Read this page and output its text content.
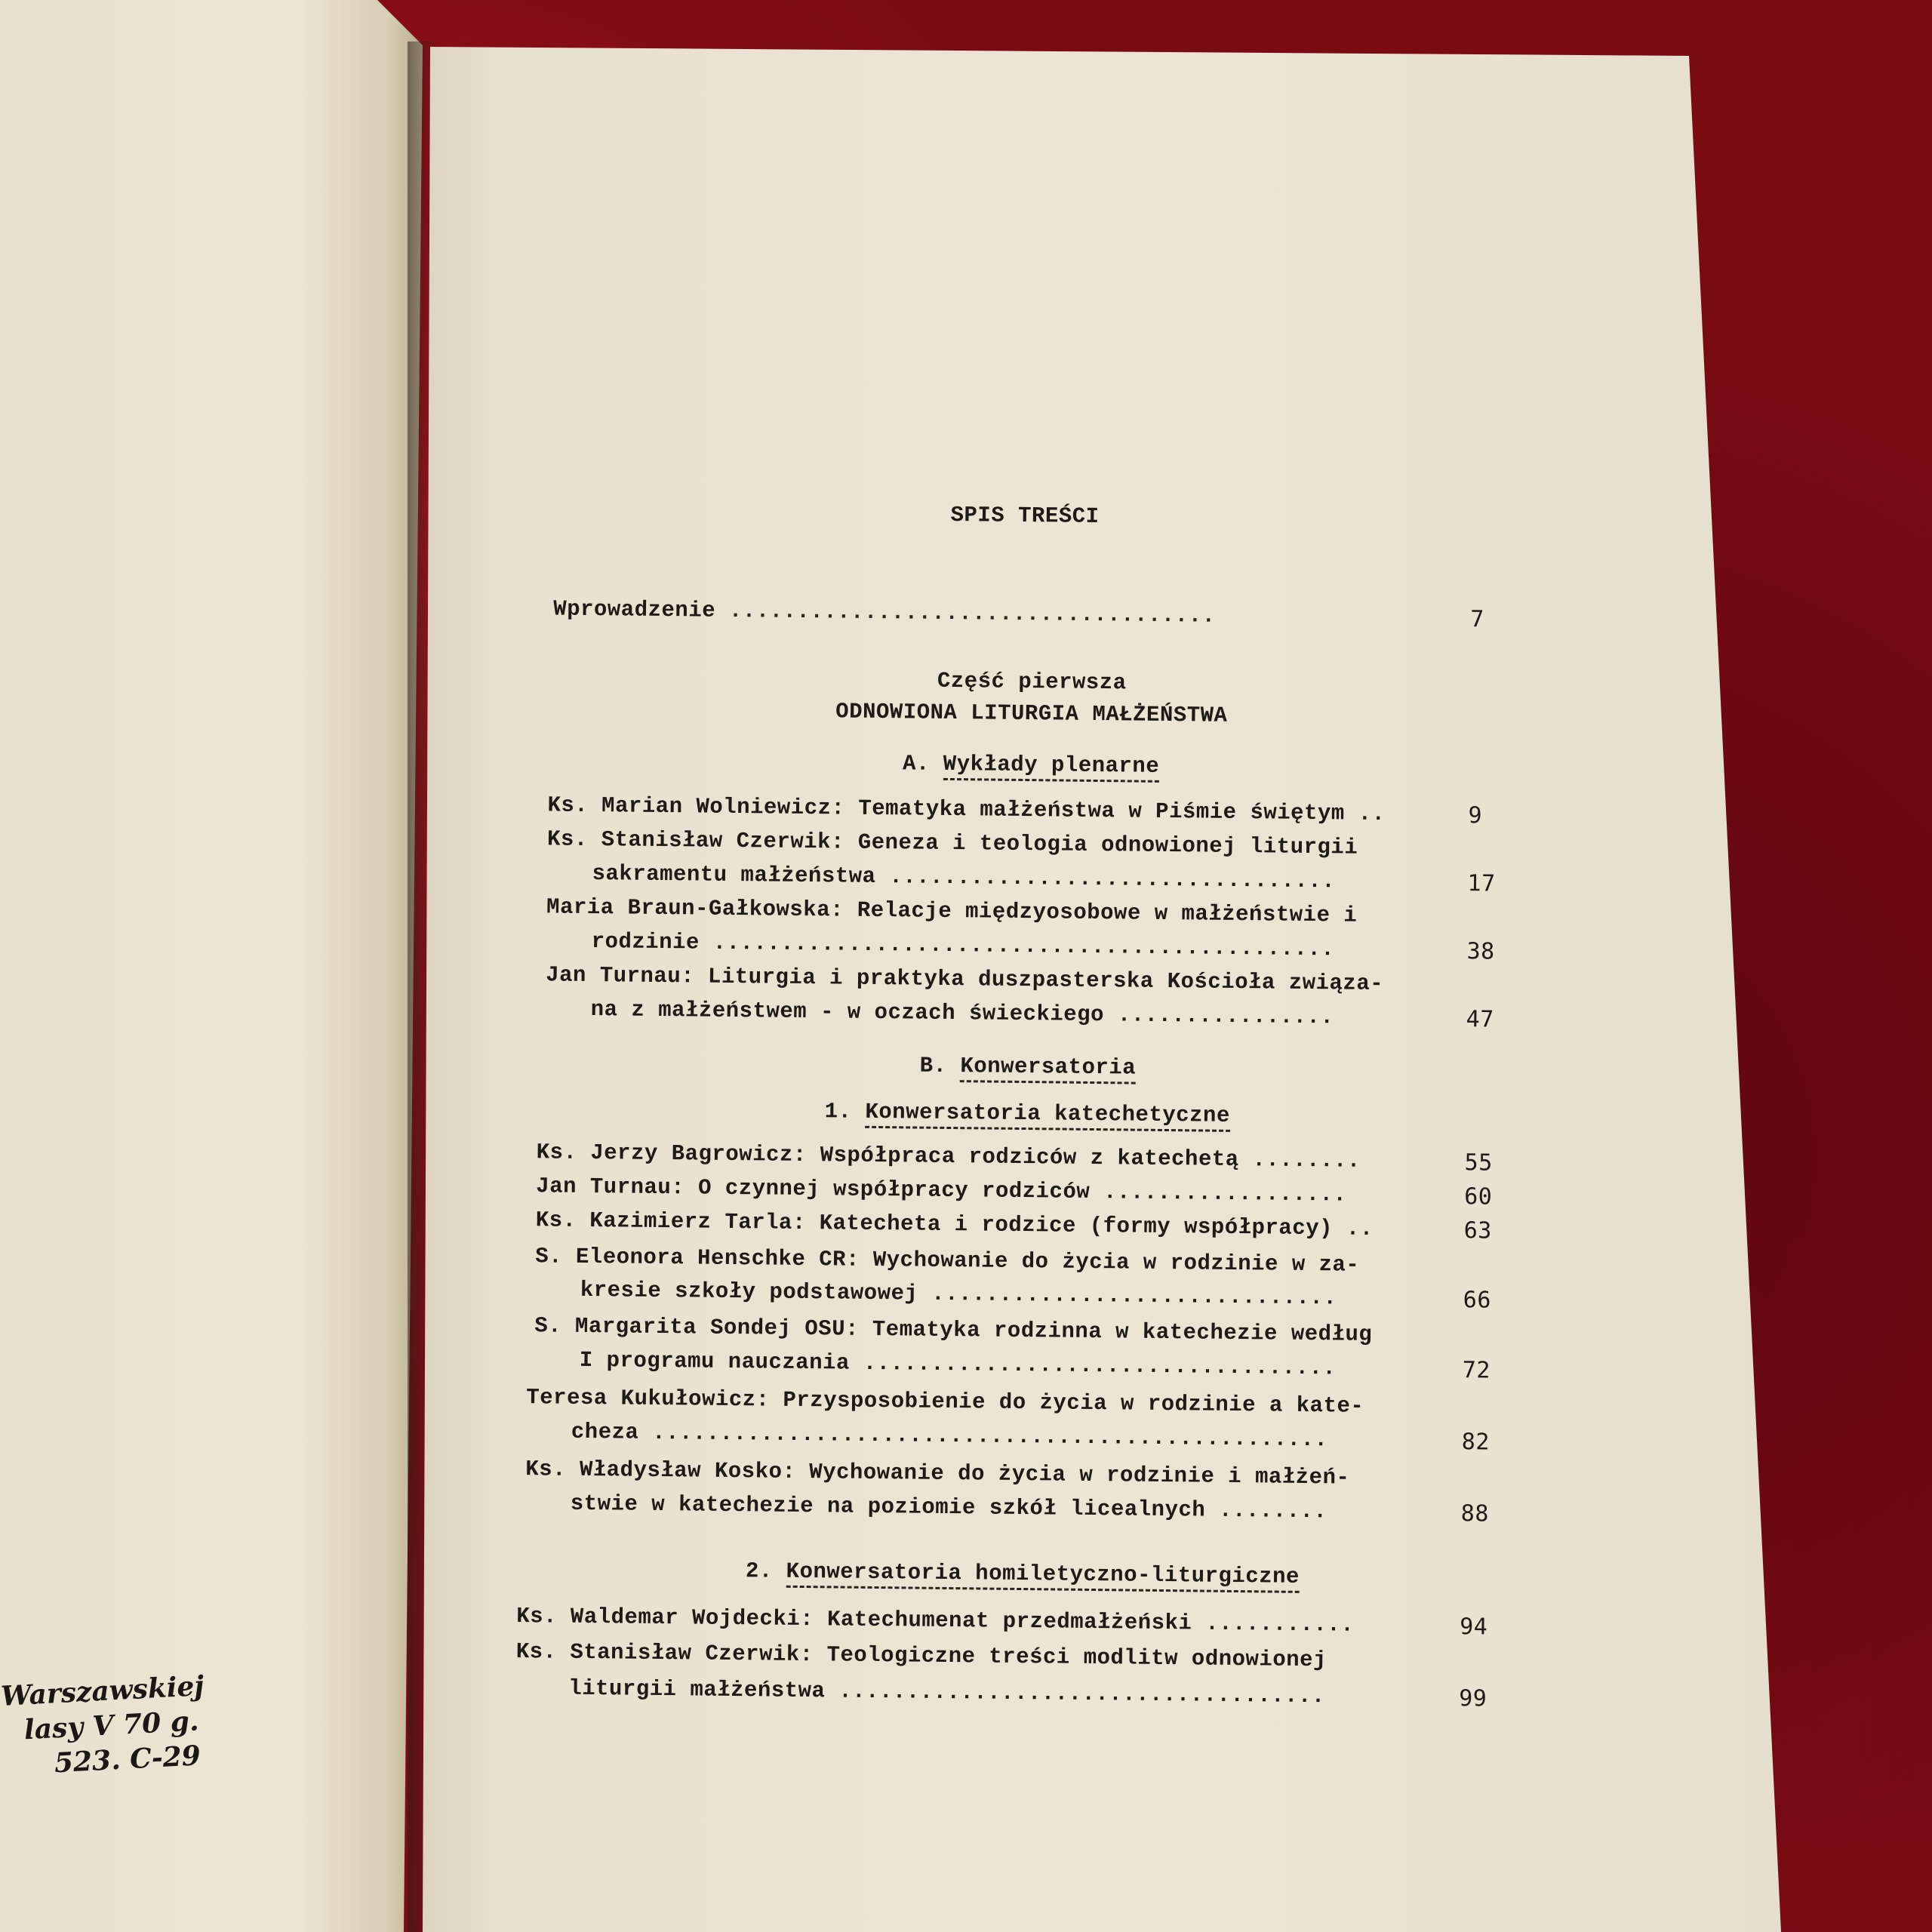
Warszawskiej
lasy V 70 g.
523. C-29
SPIS TREŚCI
Wprowadzenie ....................................	7
Część pierwsza
ODNOWIONA LITURGIA MAŁŻEŃSTWA
A. Wykłady plenarne
Ks. Marian Wolniewicz: Tematyka małżeństwa w Piśmie świętym ..	9
Ks. Stanisław Czerwik: Geneza i teologia odnowionej liturgii
sakramentu małżeństwa .................................	17
Maria Braun-Gałkowska: Relacje międzyosobowe w małżeństwie i
rodzinie ..............................................	38
Jan Turnau: Liturgia i praktyka duszpasterska Kościoła związa-
na z małżeństwem - w oczach świeckiego ................	47
B. Konwersatoria
1. Konwersatoria katechetyczne
Ks. Jerzy Bagrowicz: Współpraca rodziców z katechetą ........	55
Jan Turnau: O czynnej współpracy rodziców ..................	60
Ks. Kazimierz Tarla: Katecheta i rodzice (formy współpracy) ..	63
S. Eleonora Henschke CR: Wychowanie do życia w rodzinie w za-
kresie szkoły podstawowej ..............................	66
S. Margarita Sondej OSU: Tematyka rodzinna w katechezie według
I programu nauczania ...................................	72
Teresa Kukułowicz: Przysposobienie do życia w rodzinie a kate-
cheza ..................................................	82
Ks. Władysław Kosko: Wychowanie do życia w rodzinie i małżeń-
stwie w katechezie na poziomie szkół licealnych ........	88
2. Konwersatoria homiletyczno-liturgiczne
Ks. Waldemar Wojdecki: Katechumenat przedmałżeński ...........	94
Ks. Stanisław Czerwik: Teologiczne treści modlitw odnowionej
liturgii małżeństwa ....................................	99
